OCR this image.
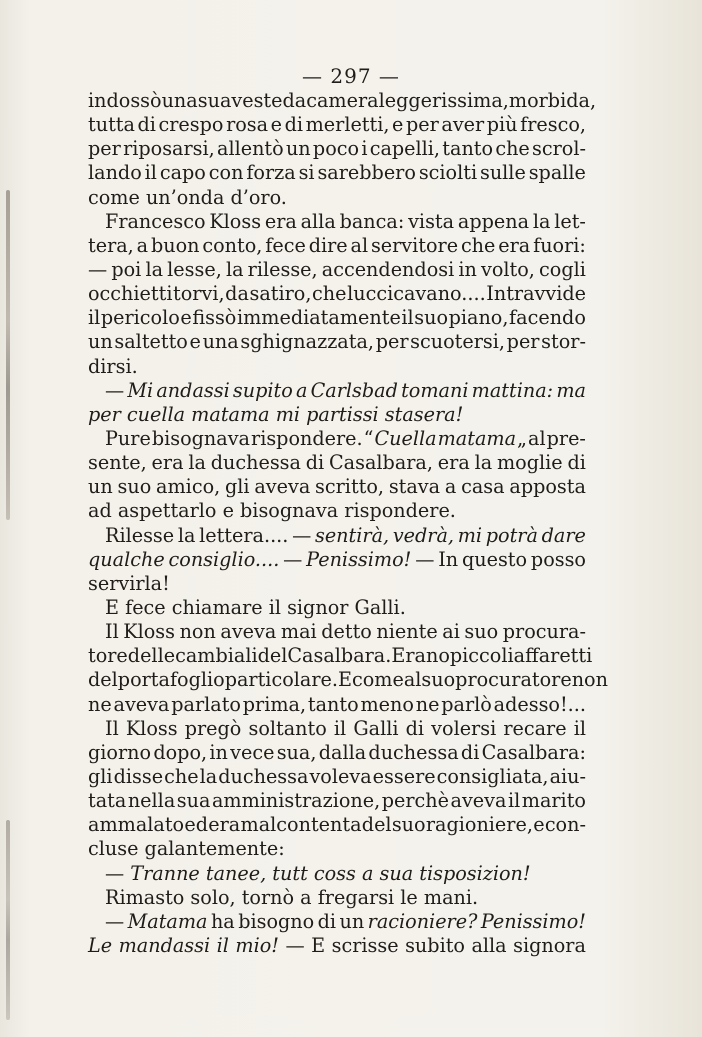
— 297 —
indossò una sua veste da camera leggerissima, morbida,
tutta di crespo rosa e di merletti, e per aver più fresco,
per riposarsi, allentò un poco i capelli, tanto che scrol-
lando il capo con forza si sarebbero sciolti sulle spalle
come un’onda d’oro.
Francesco Kloss era alla banca: vista appena la let-
tera, a buon conto, fece dire al servitore che era fuori:
— poi la lesse, la rilesse, accendendosi in volto, cogli
occhietti torvi, da satiro, che luccicavano.... Intravvide
il pericolo e fissò immediatamente il suo piano, facendo
un saltetto e una sghignazzata, per scuotersi, per stor-
dirsi.
— Mi andassi supito a Carlsbad tomani mattina: ma
per cuella matama mi partissi stasera!
Pure bisognava rispondere. “ Cuella matama „ al pre-
sente, era la duchessa di Casalbara, era la moglie di
un suo amico, gli aveva scritto, stava a casa apposta
ad aspettarlo e bisognava rispondere.
Rilesse la lettera.... — sentirà, vedrà, mi potrà dare
qualche consiglio.... — Penissimo! — In questo posso
servirla!
E fece chiamare il signor Galli.
Il Kloss non aveva mai detto niente ai suo procura-
tore delle cambiali del Casalbara. Erano piccoli affaretti
del portafoglio particolare. E come al suo procuratore non
ne aveva parlato prima, tanto meno ne parlò adesso!...
Il Kloss pregò soltanto il Galli di volersi recare il
giorno dopo, in vece sua, dalla duchessa di Casalbara:
gli disse che la duchessa voleva essere consigliata, aiu-
tata nella sua amministrazione, perchè aveva il marito
ammalato ed era malcontenta del suo ragioniere, e con-
cluse galantemente:
— Tranne tanee, tutt coss a sua tisposizion!
Rimasto solo, tornò a fregarsi le mani.
— Matama ha bisogno di un racioniere? Penissimo!
Le mandassi il mio! — E scrisse subito alla signora
